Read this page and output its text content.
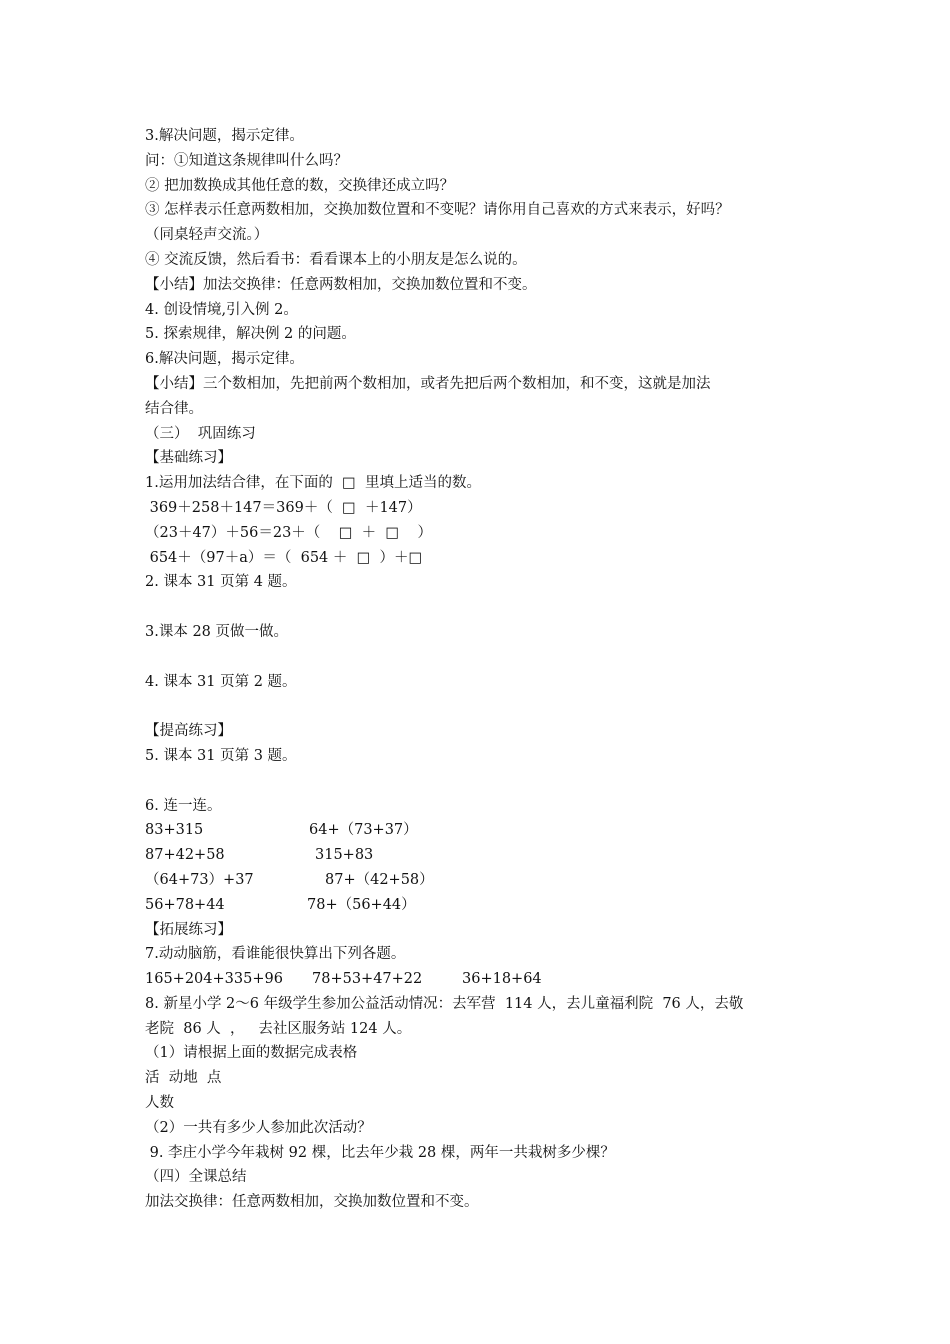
3.解决问题，揭示定律。
问：①知道这条规律叫什么吗？
② 把加数换成其他任意的数，交换律还成立吗？
③ 怎样表示任意两数相加，交换加数位置和不变呢？请你用自己喜欢的方式来表示，好吗？
（同桌轻声交流。）
④ 交流反馈，然后看书：看看课本上的小朋友是怎么说的。
【小结】加法交换律：任意两数相加，交换加数位置和不变。
4. 创设情境,引入例 2。
5. 探索规律，解决例 2 的问题。
6.解决问题，揭示定律。
【小结】三个数相加，先把前两个数相加，或者先把后两个数相加，和不变，这就是加法
结合律。
（三）  巩固练习
【基础练习】
1.运用加法结合律，在下面的  □  里填上适当的数。
369＋258＋147＝369＋（  □  ＋147）
（23＋47）＋56＝23＋（    □  ＋  □    ）
654＋（97＋a）＝（  654 ＋  □  ）＋□
2. 课本 31 页第 4 题。
3.课本 28 页做一做。
4. 课本 31 页第 2 题。
【提高练习】
5. 课本 31 页第 3 题。
6. 连一连。

83+315

	64+（73+37）

87+42+58

	315+83

（64+73）+37

	87+（42+58）

56+78+44

	78+（56+44）

【拓展练习】
7.动动脑筋，看谁能很快算出下列各题。

165+204+335+96

78+53+47+22

	36+18+64

8. 新星小学 2～6 年级学生参加公益活动情况：去军营  114 人，去儿童福利院  76 人，去敬
老院  86 人  ，   去社区服务站 124 人。
（1）请根据上面的数据完成表格
活  动地  点
人数
（2）一共有多少人参加此次活动？
9. 李庄小学今年栽树 92 棵，比去年少栽 28 棵，两年一共栽树多少棵？
（四）全课总结
加法交换律：任意两数相加，交换加数位置和不变。
